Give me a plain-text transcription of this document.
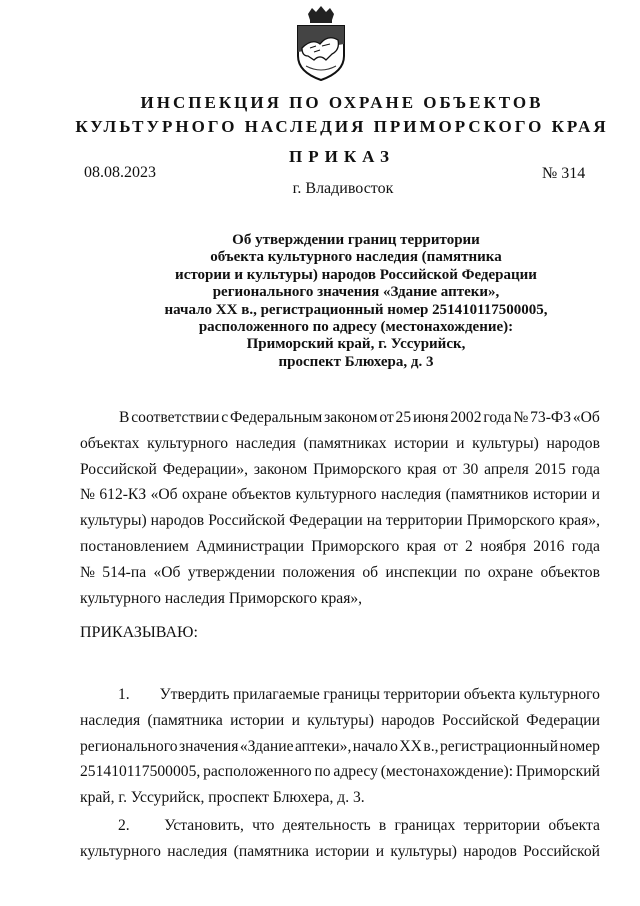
ИНСПЕКЦИЯ ПО ОХРАНЕ ОБЪЕКТОВ
КУЛЬТУРНОГО НАСЛЕДИЯ ПРИМОРСКОГО КРАЯ
ПРИКАЗ
08.08.2023	№ 314
г. Владивосток
Об утверждении границ территории
объекта культурного наследия (памятника
истории и культуры) народов Российской Федерации
регионального значения «Здание аптеки»,
начало XX в., регистрационный номер 251410117500005,
расположенного по адресу (местонахождение):
Приморский край, г. Уссурийск,
проспект Блюхера, д. 3
В соответствии с Федеральным законом от 25 июня 2002 года № 73-ФЗ «Об
объектах культурного наследия (памятниках истории и культуры) народов
Российской Федерации», законом Приморского края от 30 апреля 2015 года
№ 612-КЗ «Об охране объектов культурного наследия (памятников истории и
культуры) народов Российской Федерации на территории Приморского края»,
постановлением Администрации Приморского края от 2 ноября 2016 года
№ 514-па «Об утверждении положения об инспекции по охране объектов
культурного наследия Приморского края»,
ПРИКАЗЫВАЮ:
1.	Утвердить прилагаемые границы территории объекта культурного
наследия (памятника истории и культуры) народов Российской Федерации
регионального значения «Здание аптеки», начало XX в., регистрационный номер
251410117500005, расположенного по адресу (местонахождение): Приморский
край, г. Уссурийск, проспект Блюхера, д. 3.
2.	Установить, что деятельность в границах территории объекта
культурного наследия (памятника истории и культуры) народов Российской
